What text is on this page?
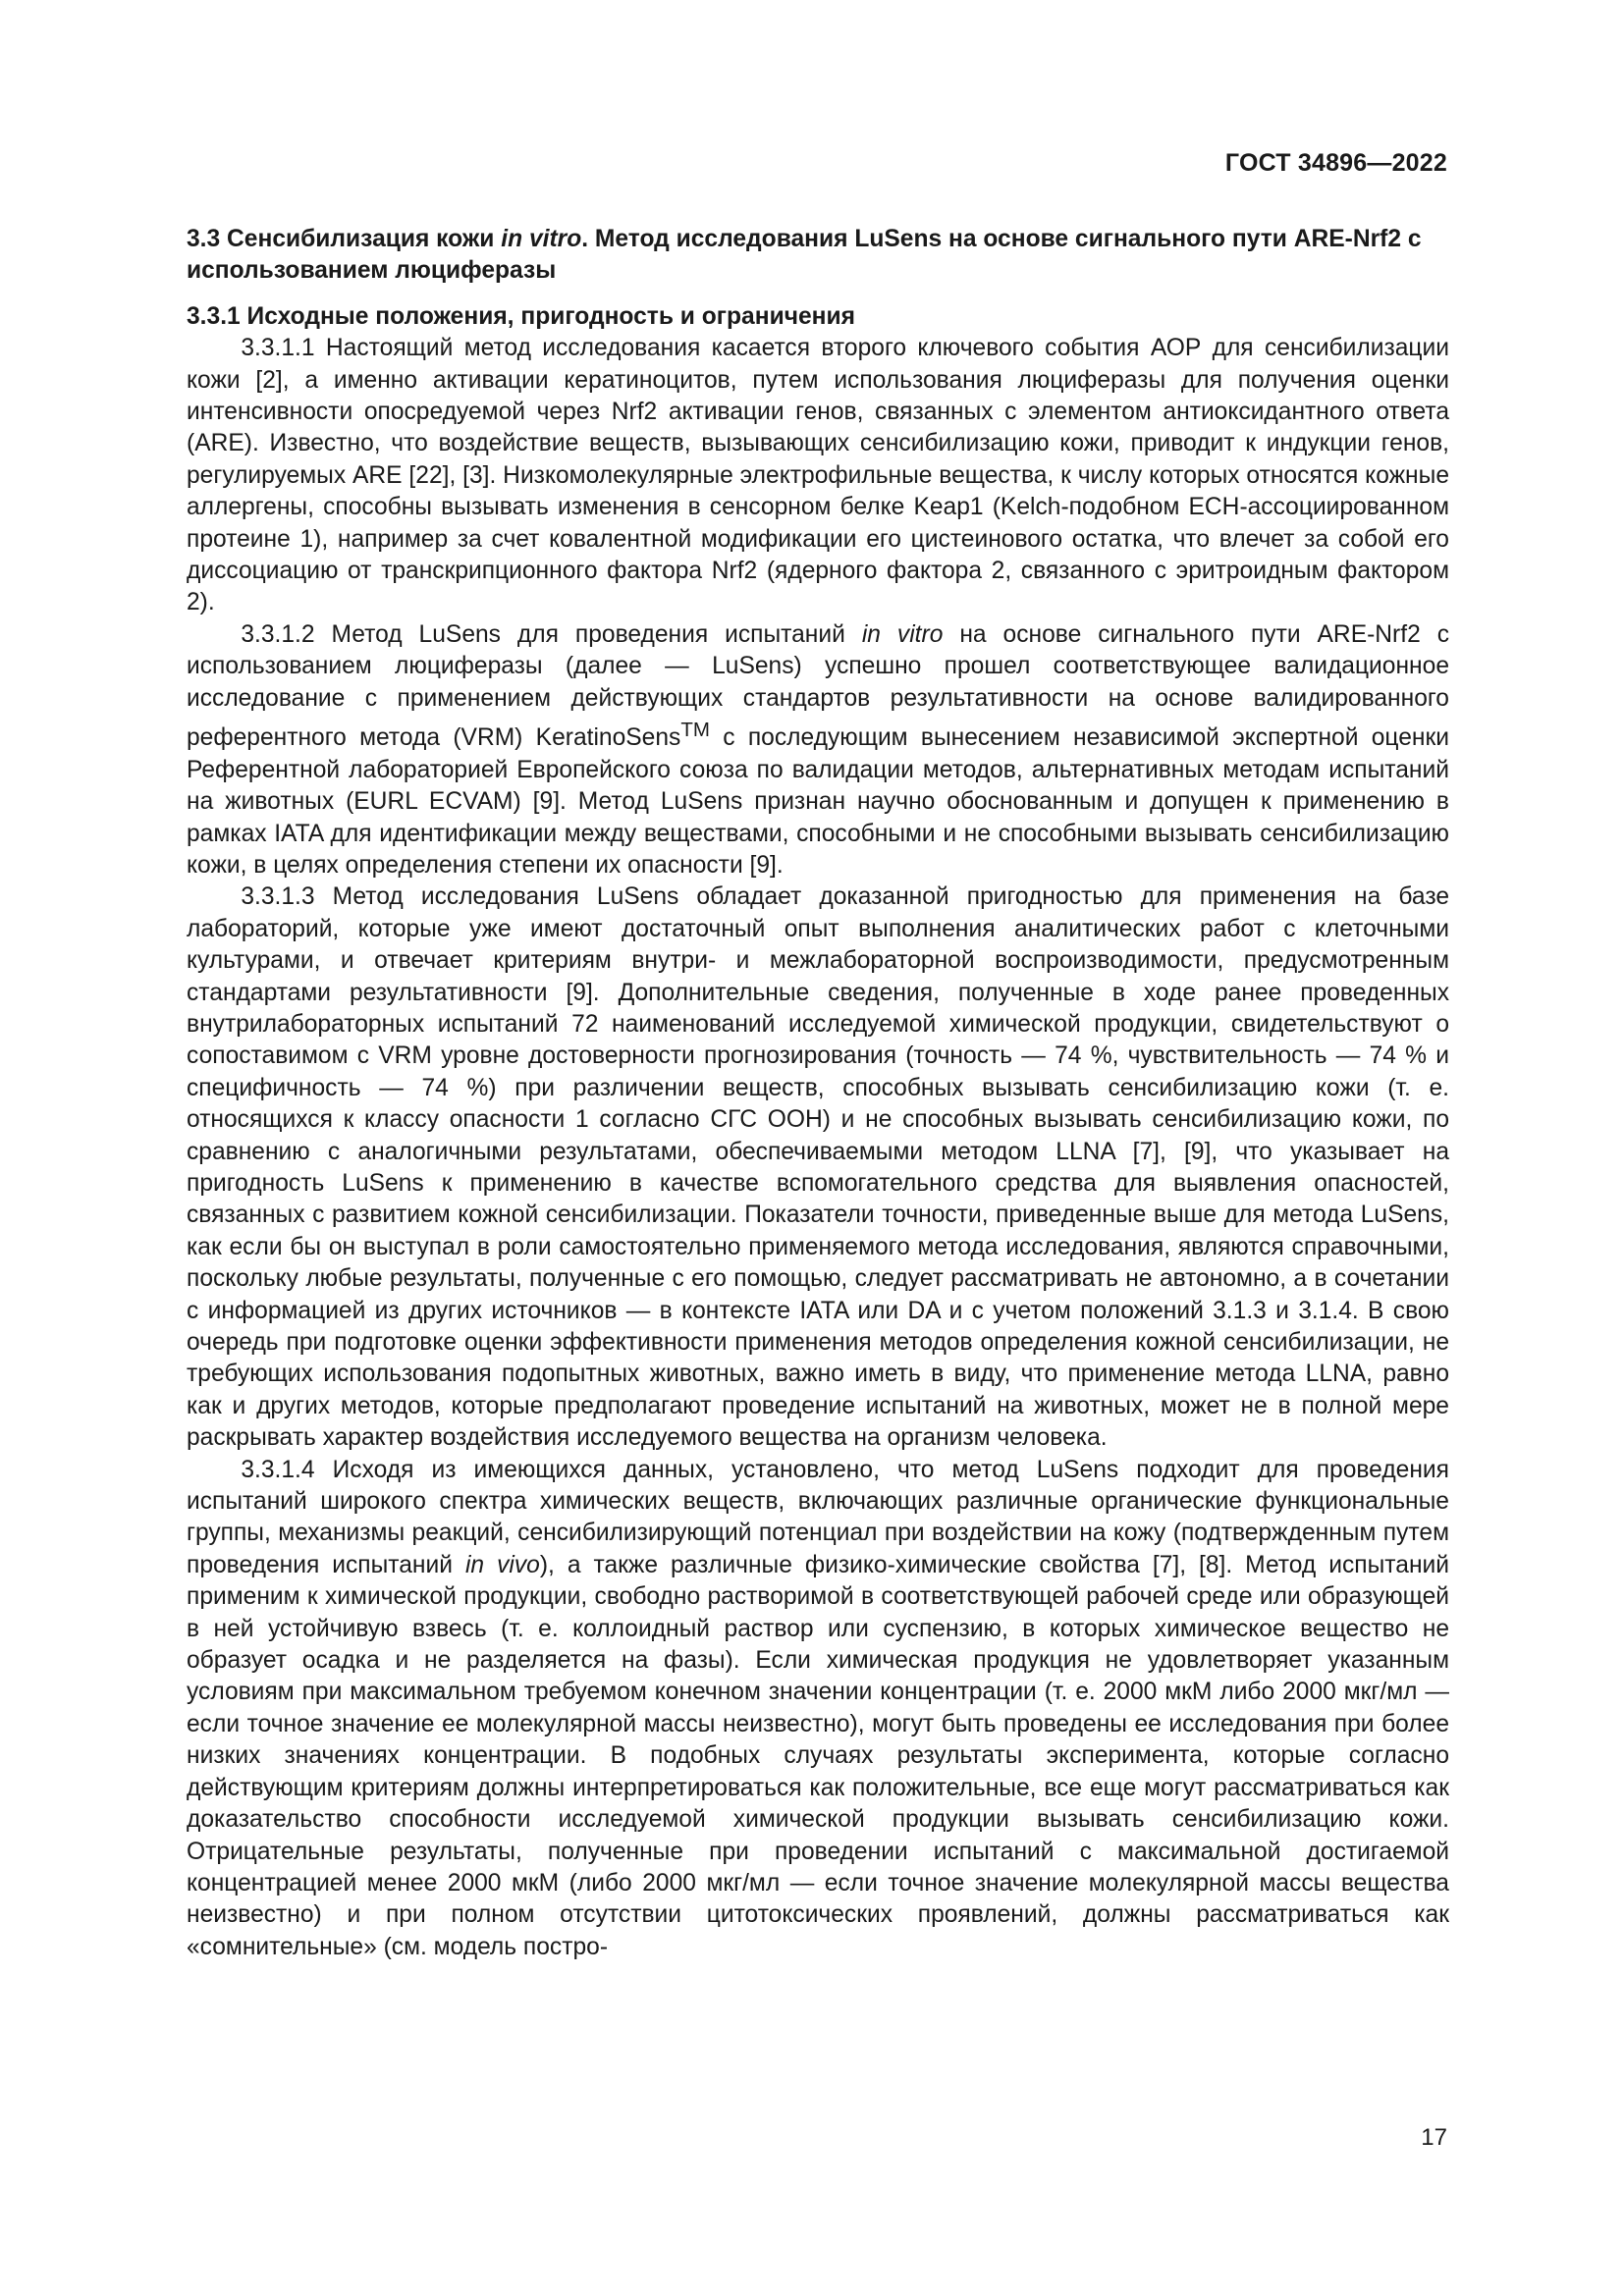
ГОСТ 34896—2022

3.3 Сенсибилизация кожи in vitro. Метод исследования LuSens на основе сигнального пути ARE-Nrf2 с использованием люциферазы

3.3.1 Исходные положения, пригодность и ограничения

3.3.1.1 Настоящий метод исследования касается второго ключевого события АОР для сенсибилизации кожи [2], а именно активации кератиноцитов, путем использования люциферазы для получения оценки интенсивности опосредуемой через Nrf2 активации генов, связанных с элементом антиоксидантного ответа (ARE). Известно, что воздействие веществ, вызывающих сенсибилизацию кожи, приводит к индукции генов, регулируемых ARE [22], [3]. Низкомолекулярные электрофильные вещества, к числу которых относятся кожные аллергены, способны вызывать изменения в сенсорном белке Keap1 (Kelch-подобном ECH-ассоциированном протеине 1), например за счет ковалентной модификации его цистеинового остатка, что влечет за собой его диссоциацию от транскрипционного фактора Nrf2 (ядерного фактора 2, связанного с эритроидным фактором 2).

3.3.1.2 Метод LuSens для проведения испытаний in vitro на основе сигнального пути ARE-Nrf2 с использованием люциферазы (далее — LuSens) успешно прошел соответствующее валидационное исследование с применением действующих стандартов результативности на основе валидированного референтного метода (VRM) KeratinoSens™ с последующим вынесением независимой экспертной оценки Референтной лабораторией Европейского союза по валидации методов, альтернативных методам испытаний на животных (EURL ECVAM) [9]. Метод LuSens признан научно обоснованным и допущен к применению в рамках IATA для идентификации между веществами, способными и не способными вызывать сенсибилизацию кожи, в целях определения степени их опасности [9].

3.3.1.3 Метод исследования LuSens обладает доказанной пригодностью для применения на базе лабораторий, которые уже имеют достаточный опыт выполнения аналитических работ с клеточными культурами, и отвечает критериям внутри- и межлабораторной воспроизводимости, предусмотренным стандартами результативности [9]. Дополнительные сведения, полученные в ходе ранее проведенных внутрилабораторных испытаний 72 наименований исследуемой химической продукции, свидетельствуют о сопоставимом с VRM уровне достоверности прогнозирования (точность — 74 %, чувствительность — 74 % и специфичность — 74 %) при различении веществ, способных вызывать сенсибилизацию кожи (т. е. относящихся к классу опасности 1 согласно СГС ООН) и не способных вызывать сенсибилизацию кожи, по сравнению с аналогичными результатами, обеспечиваемыми методом LLNA [7], [9], что указывает на пригодность LuSens к применению в качестве вспомогательного средства для выявления опасностей, связанных с развитием кожной сенсибилизации. Показатели точности, приведенные выше для метода LuSens, как если бы он выступал в роли самостоятельно применяемого метода исследования, являются справочными, поскольку любые результаты, полученные с его помощью, следует рассматривать не автономно, а в сочетании с информацией из других источников — в контексте IATA или DA и с учетом положений 3.1.3 и 3.1.4. В свою очередь при подготовке оценки эффективности применения методов определения кожной сенсибилизации, не требующих использования подопытных животных, важно иметь в виду, что применение метода LLNA, равно как и других методов, которые предполагают проведение испытаний на животных, может не в полной мере раскрывать характер воздействия исследуемого вещества на организм человека.

3.3.1.4 Исходя из имеющихся данных, установлено, что метод LuSens подходит для проведения испытаний широкого спектра химических веществ, включающих различные органические функциональные группы, механизмы реакций, сенсибилизирующий потенциал при воздействии на кожу (подтвержденным путем проведения испытаний in vivo), а также различные физико-химические свойства [7], [8]. Метод испытаний применим к химической продукции, свободно растворимой в соответствующей рабочей среде или образующей в ней устойчивую взвесь (т. е. коллоидный раствор или суспензию, в которых химическое вещество не образует осадка и не разделяется на фазы). Если химическая продукция не удовлетворяет указанным условиям при максимальном требуемом конечном значении концентрации (т. е. 2000 мкМ либо 2000 мкг/мл — если точное значение ее молекулярной массы неизвестно), могут быть проведены ее исследования при более низких значениях концентрации. В подобных случаях результаты эксперимента, которые согласно действующим критериям должны интерпретироваться как положительные, все еще могут рассматриваться как доказательство способности исследуемой химической продукции вызывать сенсибилизацию кожи. Отрицательные результаты, полученные при проведении испытаний с максимальной достигаемой концентрацией менее 2000 мкМ (либо 2000 мкг/мл — если точное значение молекулярной массы вещества неизвестно) и при полном отсутствии цитотоксических проявлений, должны рассматриваться как «сомнительные» (см. модель постро-

17
